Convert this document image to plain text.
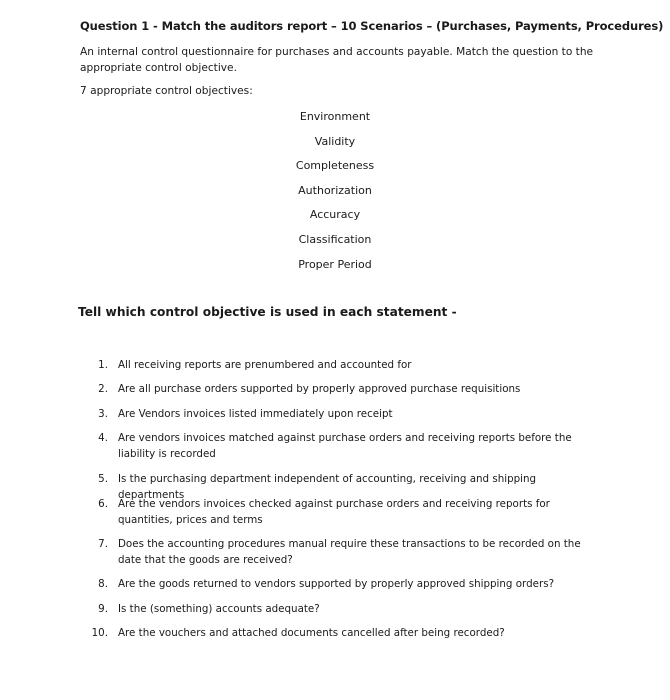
Question 1 - Match the auditors report – 10 Scenarios – (Purchases, Payments, Procedures)
An internal control questionnaire for purchases and accounts payable. Match the question to the appropriate control objective.
7 appropriate control objectives:
Environment
Validity
Completeness
Authorization
Accuracy
Classification
Proper Period
Tell which control objective is used in each statement -
1. All receiving reports are prenumbered and accounted for
2. Are all purchase orders supported by properly approved purchase requisitions
3. Are Vendors invoices listed immediately upon receipt
4. Are vendors invoices matched against purchase orders and receiving reports before the liability is recorded
5. Is the purchasing department independent of accounting, receiving and shipping departments
6. Are the vendors invoices checked against purchase orders and receiving reports for quantities, prices and terms
7. Does the accounting procedures manual require these transactions to be recorded on the date that the goods are received?
8. Are the goods returned to vendors supported by properly approved shipping orders?
9. Is the (something) accounts adequate?
10. Are the vouchers and attached documents cancelled after being recorded?
